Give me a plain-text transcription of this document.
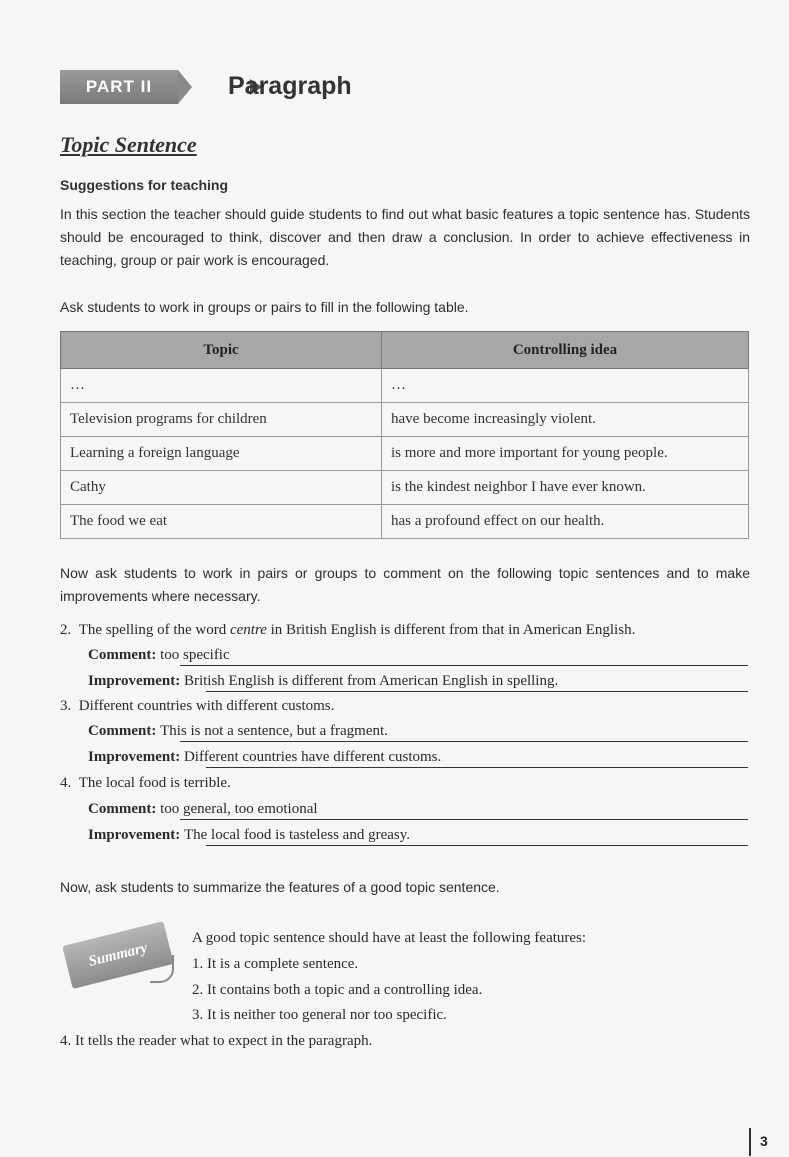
PART II	Paragraph
Topic Sentence
Suggestions for teaching
In this section the teacher should guide students to find out what basic features a topic sentence has. Students should be encouraged to think, discover and then draw a conclusion. In order to achieve effectiveness in teaching, group or pair work is encouraged.
Ask students to work in groups or pairs to fill in the following table.
Topic	Controlling idea
…	…
Television programs for children	have become increasingly violent.
Learning a foreign language	is more and more important for young people.
Cathy	is the kindest neighbor I have ever known.
The food we eat	has a profound effect on our health.
Now ask students to work in pairs or groups to comment on the following topic sentences and to make improvements where necessary.
2. The spelling of the word centre in British English is different from that in American English.
Comment: too specific
Improvement: British English is different from American English in spelling.
3. Different countries with different customs.
Comment: This is not a sentence, but a fragment.
Improvement: Different countries have different customs.
4. The local food is terrible.
Comment: too general, too emotional
Improvement: The local food is tasteless and greasy.
Now, ask students to summarize the features of a good topic sentence.
Summary
A good topic sentence should have at least the following features:
1. It is a complete sentence.
2. It contains both a topic and a controlling idea.
3. It is neither too general nor too specific.
4. It tells the reader what to expect in the paragraph.
3
